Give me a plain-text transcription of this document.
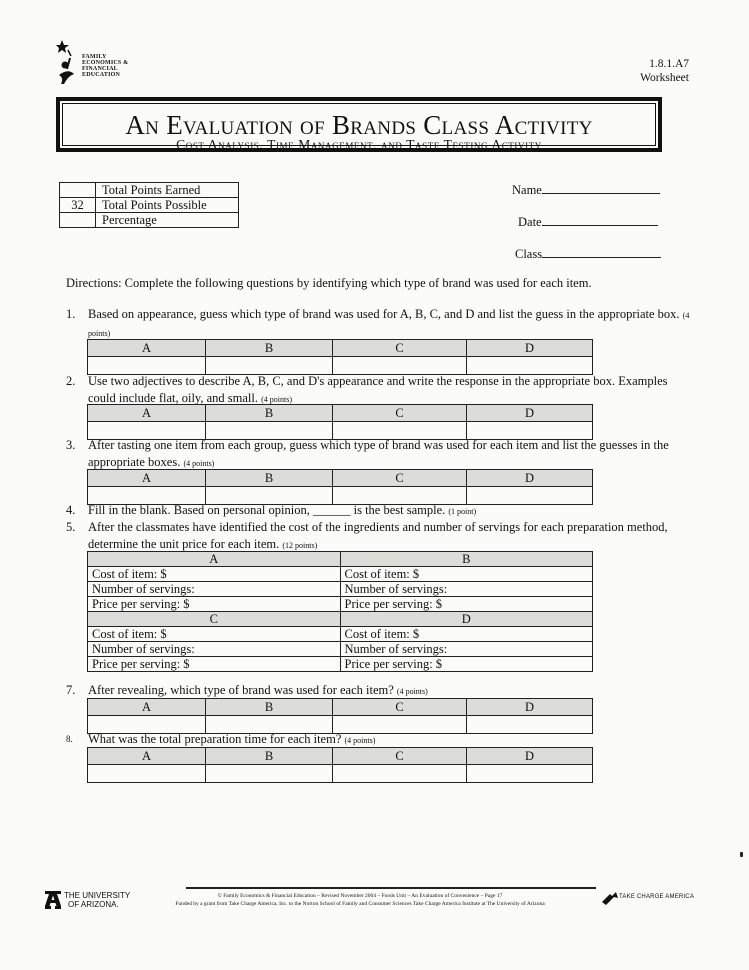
FAMILY
ECONOMICS &
FINANCIAL
EDUCATION
1.8.1.A7
Worksheet
An Evaluation of Brands Class Activity
Cost Analysis, Time Management, and Taste Testing Activity
	Total Points Earned
32	Total Points Possible
	Percentage
Name
Date
Class
Directions: Complete the following questions by identifying which type of brand was used for each item.
1. Based on appearance, guess which type of brand was used for A, B, C, and D and list the guess in the appropriate box. (4 points)
A	B	C	D

2. Use two adjectives to describe A, B, C, and D's appearance and write the response in the appropriate box. Examples could include flat, oily, and small. (4 points)
A	B	C	D

3. After tasting one item from each group, guess which type of brand was used for each item and list the guesses in the appropriate boxes. (4 points)
A	B	C	D

4. Fill in the blank. Based on personal opinion, ______ is the best sample. (1 point)
5. After the classmates have identified the cost of the ingredients and number of servings for each preparation method, determine the unit price for each item. (12 points)
A	B
Cost of item: $	Cost of item: $
Number of servings:	Number of servings:
Price per serving: $	Price per serving: $
C	D
Cost of item: $	Cost of item: $
Number of servings:	Number of servings:
Price per serving: $	Price per serving: $
7. After revealing, which type of brand was used for each item? (4 points)
A	B	C	D

8. What was the total preparation time for each item? (4 points)
A	B	C	D

THE UNIVERSITY
OF ARIZONA.
© Family Economics & Financial Education – Revised November 2004 – Foods Unit – An Evaluation of Convenience – Page 17
Funded by a grant from Take Charge America, Inc. to the Norton School of Family and Consumer Sciences Take Charge America Institute at The University of Arizona
TAKE CHARGE AMERICA
